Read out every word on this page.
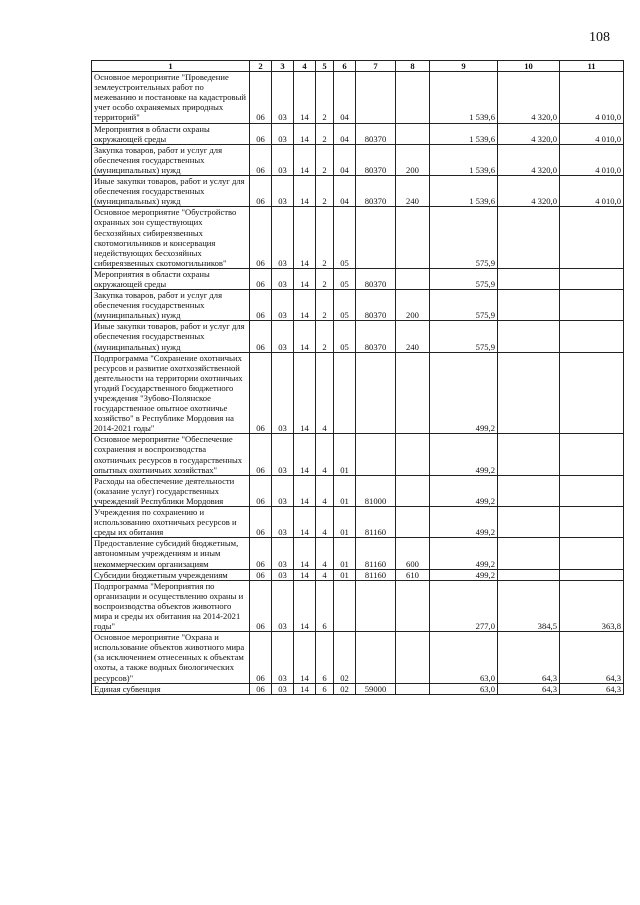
108
1	2	3	4	5	6	7	8	9	10	11
Основное мероприятие "Проведение землеустроительных работ по межеванию и постановке на кадастровый учет особо охраняемых природных территорий"	06	03	14	2	04			1 539,6	4 320,0	4 010,0
Мероприятия в области охраны окружающей среды	06	03	14	2	04	80370		1 539,6	4 320,0	4 010,0
Закупка товаров, работ и услуг для обеспечения государственных (муниципальных) нужд	06	03	14	2	04	80370	200	1 539,6	4 320,0	4 010,0
Иные закупки товаров, работ и услуг для обеспечения государственных (муниципальных) нужд	06	03	14	2	04	80370	240	1 539,6	4 320,0	4 010,0
Основное мероприятие "Обустройство охранных зон существующих бесхозяйных сибиреязвенных скотомогильников и консервация недействующих бесхозяйных сибиреязвенных скотомогильников"	06	03	14	2	05			575,9		
Мероприятия в области охраны окружающей среды	06	03	14	2	05	80370		575,9		
Закупка товаров, работ и услуг для обеспечения государственных (муниципальных) нужд	06	03	14	2	05	80370	200	575,9		
Иные закупки товаров, работ и услуг для обеспечения государственных (муниципальных) нужд	06	03	14	2	05	80370	240	575,9		
Подпрограмма "Сохранение охотничьих ресурсов и развитие охотхозяйственной деятельности на территории охотничьих угодий Государственного бюджетного учреждения "Зубово-Полянское государственное опытное охотничье хозяйство" в Республике Мордовия на 2014-2021 годы"	06	03	14	4				499,2		
Основное мероприятие "Обеспечение сохранения и воспроизводства охотничьих ресурсов в государственных опытных охотничьих хозяйствах"	06	03	14	4	01			499,2		
Расходы на обеспечение деятельности (оказание услуг) государственных учреждений Республики Мордовия	06	03	14	4	01	81000		499,2		
Учреждения по сохранению и использованию охотничьих ресурсов и среды их обитания	06	03	14	4	01	81160		499,2		
Предоставление субсидий бюджетным, автономным учреждениям и иным некоммерческим организациям	06	03	14	4	01	81160	600	499,2		
Субсидии бюджетным учреждениям	06	03	14	4	01	81160	610	499,2		
Подпрограмма "Мероприятия по организации и осуществлению охраны и воспроизводства объектов животного мира и среды их обитания на 2014-2021 годы"	06	03	14	6				277,0	384,5	363,8
Основное мероприятие "Охрана и использование объектов животного мира (за исключением отнесенных к объектам охоты, а также водных биологических ресурсов)"	06	03	14	6	02			63,0	64,3	64,3
Единая субвенция	06	03	14	6	02	59000		63,0	64,3	64,3
